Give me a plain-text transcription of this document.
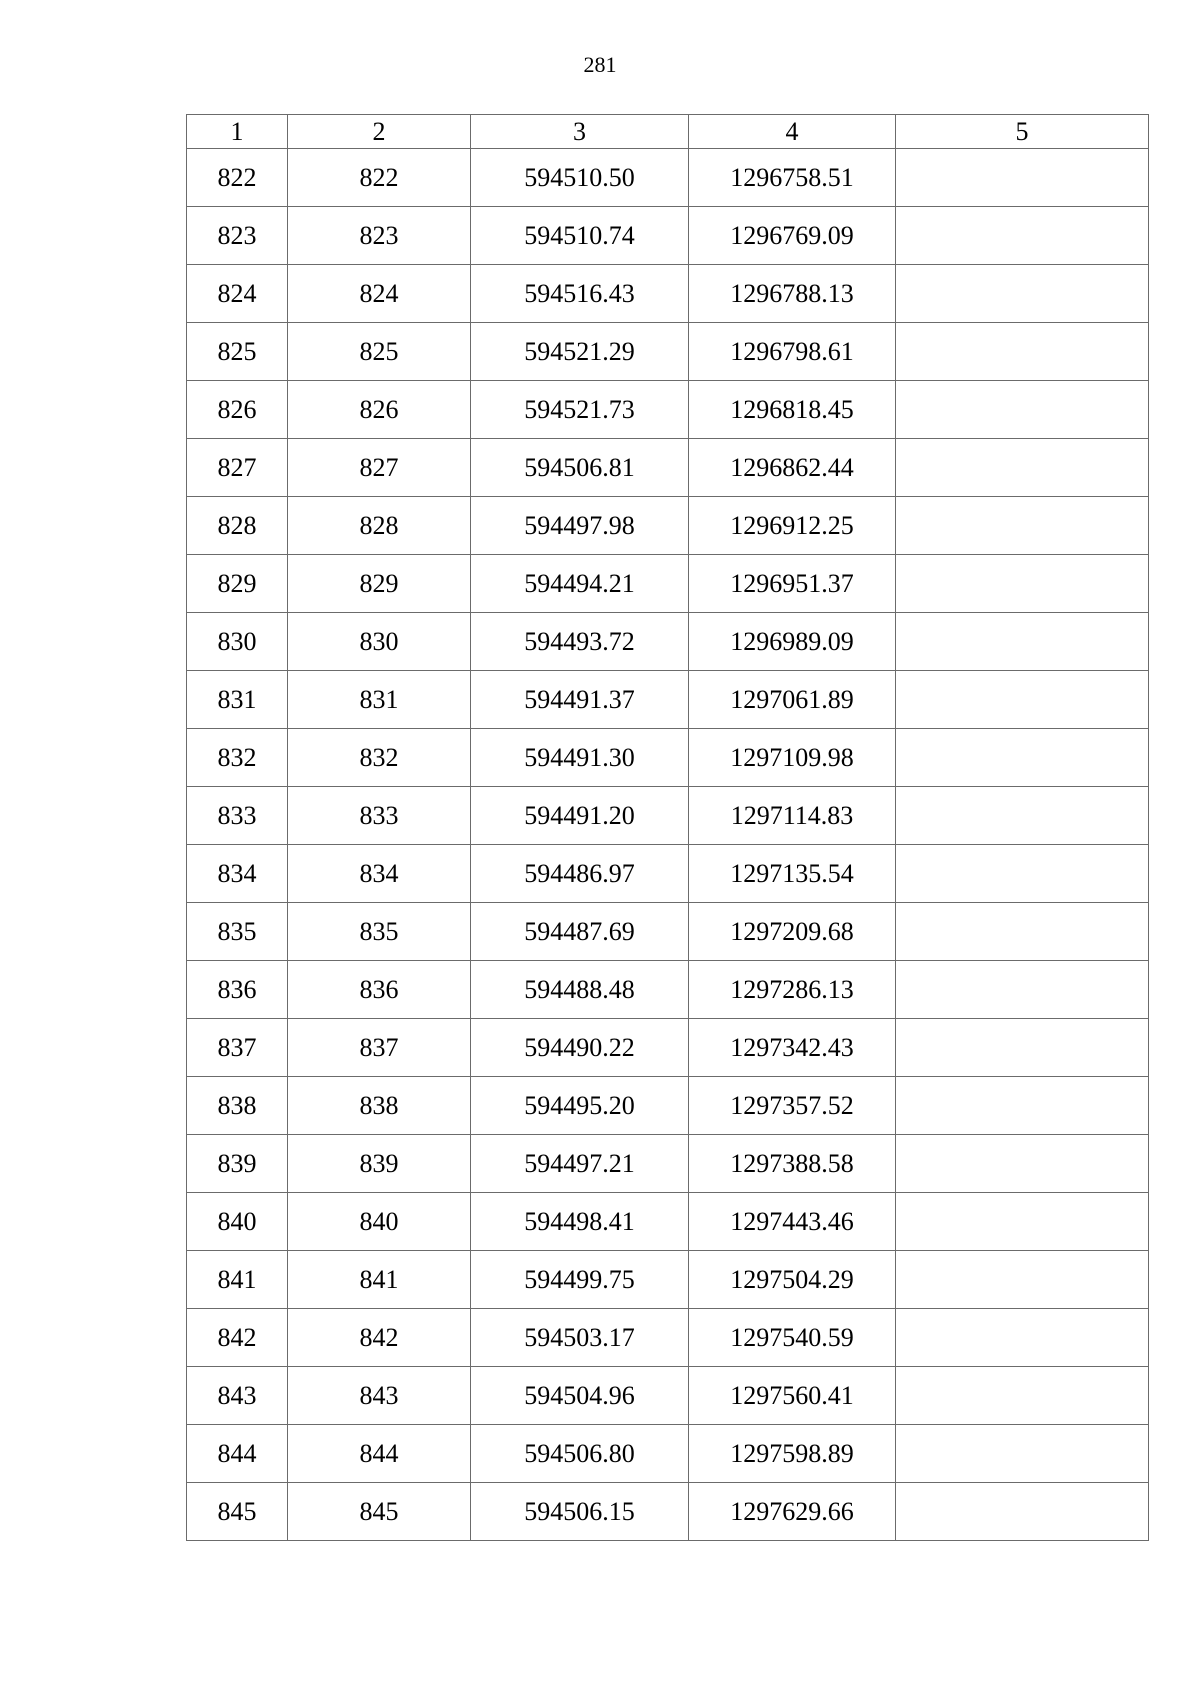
281
1	2	3	4	5
822	822	594510.50	1296758.51	
823	823	594510.74	1296769.09	
824	824	594516.43	1296788.13	
825	825	594521.29	1296798.61	
826	826	594521.73	1296818.45	
827	827	594506.81	1296862.44	
828	828	594497.98	1296912.25	
829	829	594494.21	1296951.37	
830	830	594493.72	1296989.09	
831	831	594491.37	1297061.89	
832	832	594491.30	1297109.98	
833	833	594491.20	1297114.83	
834	834	594486.97	1297135.54	
835	835	594487.69	1297209.68	
836	836	594488.48	1297286.13	
837	837	594490.22	1297342.43	
838	838	594495.20	1297357.52	
839	839	594497.21	1297388.58	
840	840	594498.41	1297443.46	
841	841	594499.75	1297504.29	
842	842	594503.17	1297540.59	
843	843	594504.96	1297560.41	
844	844	594506.80	1297598.89	
845	845	594506.15	1297629.66	
